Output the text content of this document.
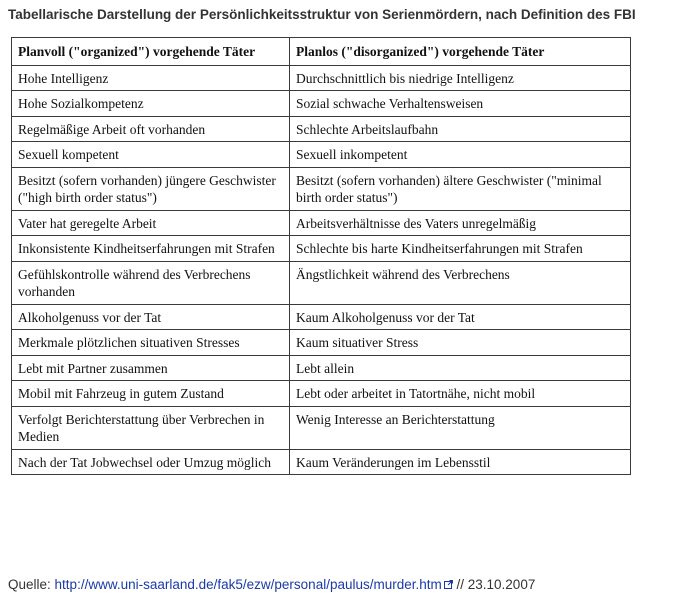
Tabellarische Darstellung der Persönlichkeitsstruktur von Serienmördern, nach Definition des FBI
Planvoll ("organized") vorgehende Täter	Planlos ("disorganized") vorgehende Täter
Hohe Intelligenz	Durchschnittlich bis niedrige Intelligenz
Hohe Sozialkompetenz	Sozial schwache Verhaltensweisen
Regelmäßige Arbeit oft vorhanden	Schlechte Arbeitslaufbahn
Sexuell kompetent	Sexuell inkompetent
Besitzt (sofern vorhanden) jüngere Geschwister ("high birth order status")	Besitzt (sofern vorhanden) ältere Geschwister ("minimal birth order status")
Vater hat geregelte Arbeit	Arbeitsverhältnisse des Vaters unregelmäßig
Inkonsistente Kindheitserfahrungen mit Strafen	Schlechte bis harte Kindheitserfahrungen mit Strafen
Gefühlskontrolle während des Verbrechens vorhanden	Ängstlichkeit während des Verbrechens
Alkoholgenuss vor der Tat	Kaum Alkoholgenuss vor der Tat
Merkmale plötzlichen situativen Stresses	Kaum situativer Stress
Lebt mit Partner zusammen	Lebt allein
Mobil mit Fahrzeug in gutem Zustand	Lebt oder arbeitet in Tatortnähe, nicht mobil
Verfolgt Berichterstattung über Verbrechen in Medien	Wenig Interesse an Berichterstattung
Nach der Tat Jobwechsel oder Umzug möglich	Kaum Veränderungen im Lebensstil
Quelle: http://www.uni-saarland.de/fak5/ezw/personal/paulus/murder.htm // 23.10.2007
